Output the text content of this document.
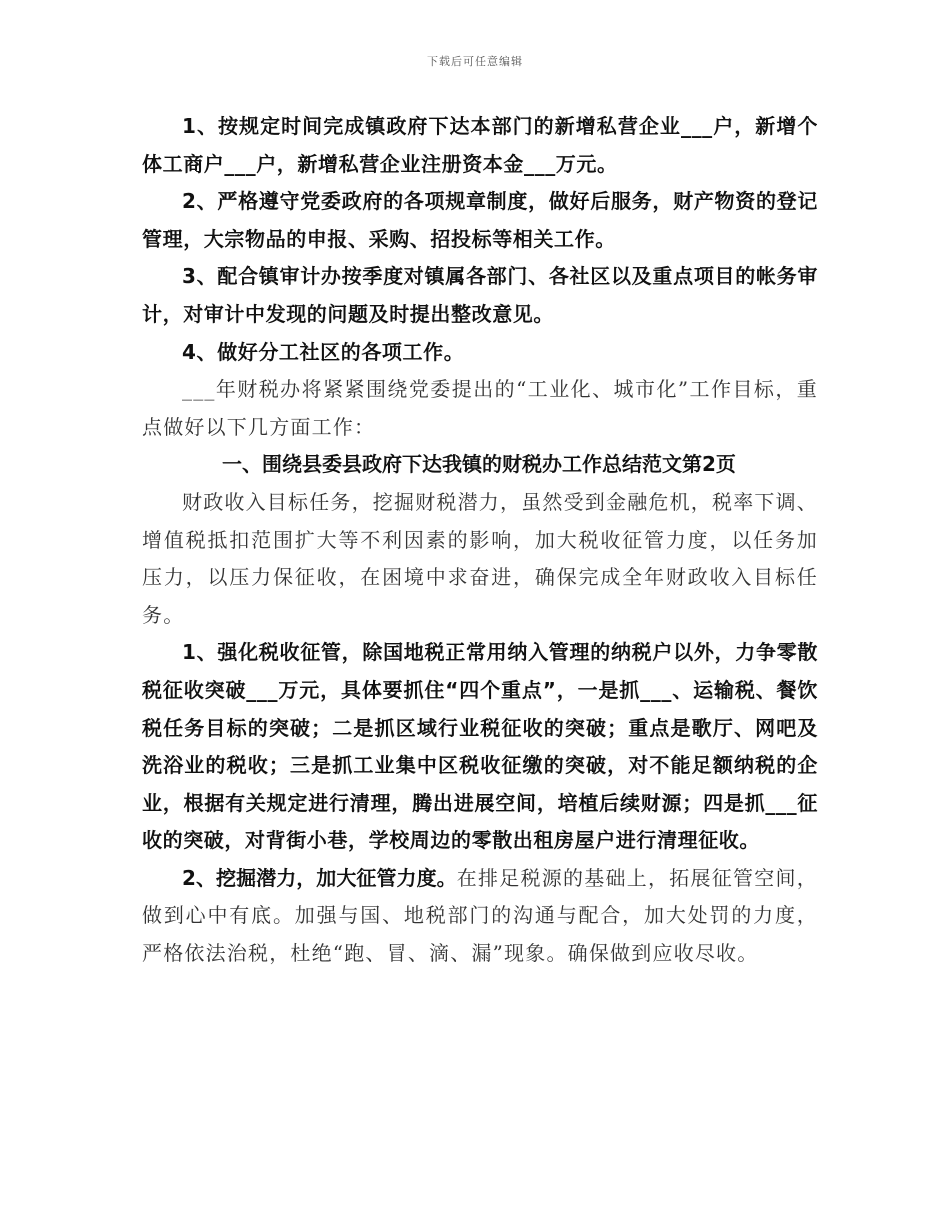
下载后可任意编辑

1、按规定时间完成镇政府下达本部门的新增私营企业___户，新增个体工商户___户，新增私营企业注册资本金___万元。

2、严格遵守党委政府的各项规章制度，做好后服务，财产物资的登记管理，大宗物品的申报、采购、招投标等相关工作。

3、配合镇审计办按季度对镇属各部门、各社区以及重点项目的帐务审计，对审计中发现的问题及时提出整改意见。

4、做好分工社区的各项工作。

___年财税办将紧紧围绕党委提出的“工业化、城市化”工作目标，重点做好以下几方面工作：

一、围绕县委县政府下达我镇的财税办工作总结范文第2页

财政收入目标任务，挖掘财税潜力，虽然受到金融危机，税率下调、增值税抵扣范围扩大等不利因素的影响，加大税收征管力度，以任务加压力，以压力保征收，在困境中求奋进，确保完成全年财政收入目标任务。

1、强化税收征管，除国地税正常用纳入管理的纳税户以外，力争零散税征收突破___万元，具体要抓住“四个重点”，一是抓___、运输税、餐饮税任务目标的突破；二是抓区域行业税征收的突破；重点是歌厅、网吧及洗浴业的税收；三是抓工业集中区税收征缴的突破，对不能足额纳税的企业，根据有关规定进行清理，腾出进展空间，培植后续财源；四是抓___征收的突破，对背街小巷，学校周边的零散出租房屋户进行清理征收。

2、挖掘潜力，加大征管力度。在排足税源的基础上，拓展征管空间，做到心中有底。加强与国、地税部门的沟通与配合，加大处罚的力度，严格依法治税，杜绝“跑、冒、滴、漏”现象。确保做到应收尽收。
